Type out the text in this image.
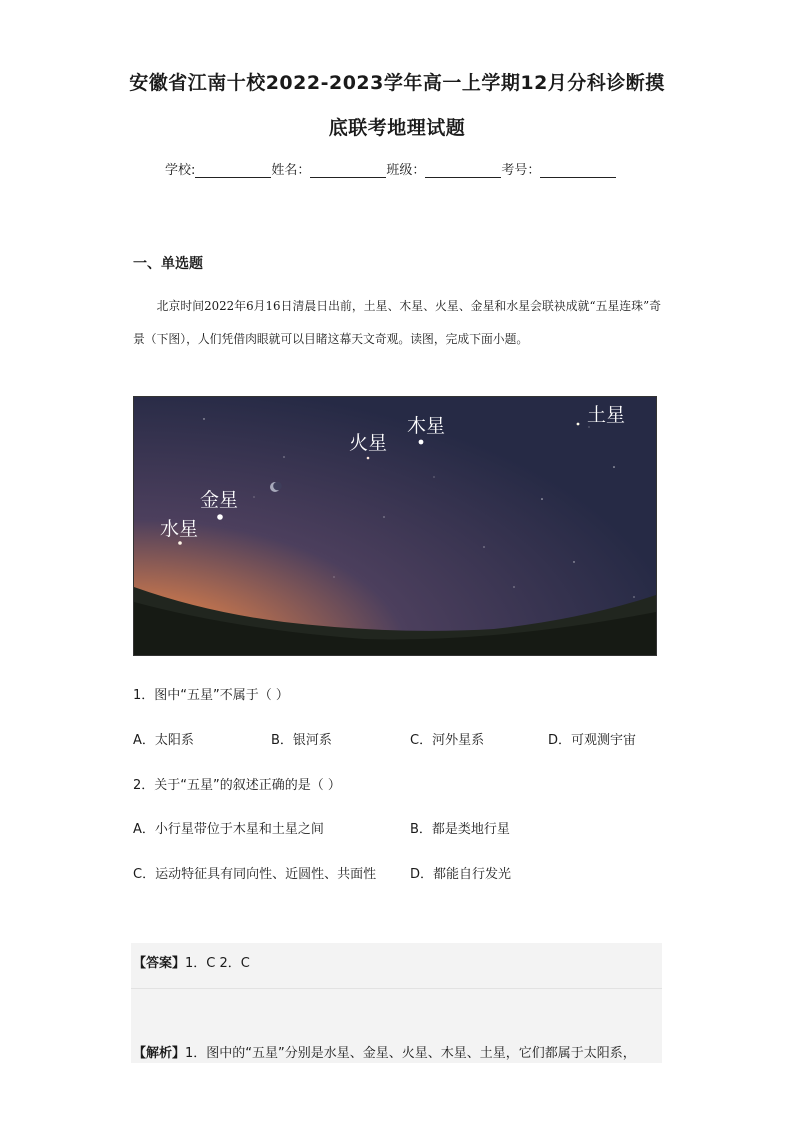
安徽省江南十校2022-2023学年高一上学期12月分科诊断摸
底联考地理试题
学校:	姓名：	班级：	考号：
一、单选题
北京时间2022年6月16日清晨日出前，土星、木星、火星、金星和水星会联袂成就“五星连珠”奇景（下图），人们凭借肉眼就可以目睹这幕天文奇观。读图，完成下面小题。
土星
木星
火星
金星
水星
1．图中“五星”不属于（ ）
A．太阳系	B．银河系	C．河外星系	D．可观测宇宙
2．关于“五星”的叙述正确的是（ ）
A．小行星带位于木星和土星之间	B．都是类地行星
C．运动特征具有同向性、近圆性、共面性	D．都能自行发光
【答案】1．C 2．C
【解析】1．图中的“五星”分别是水星、金星、火星、木星、土星，它们都属于太阳系，
